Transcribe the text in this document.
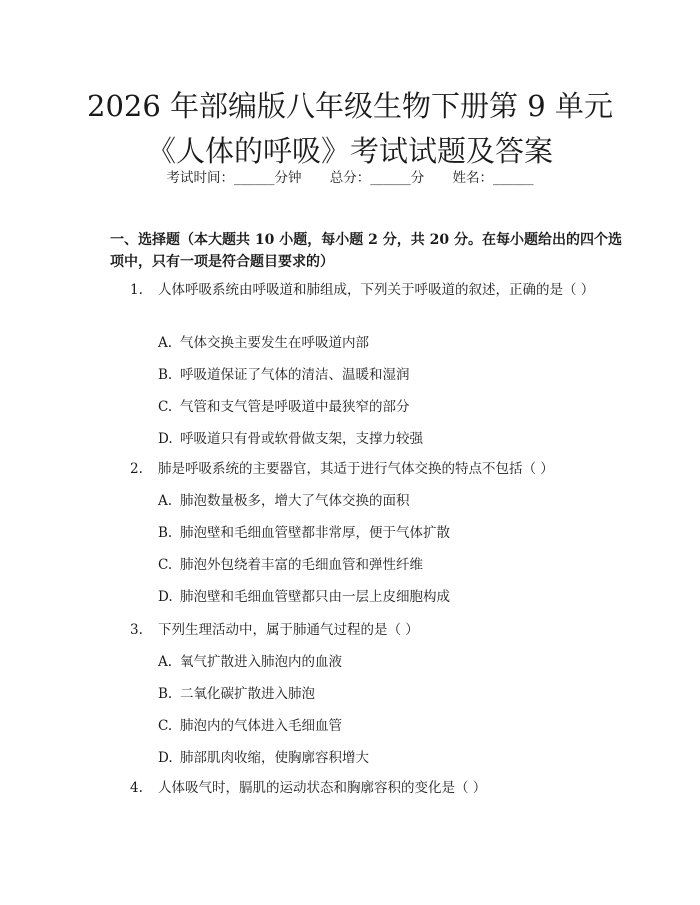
2026 年部编版八年级生物下册第 9 单元《人体的呼吸》考试试题及答案
考试时间：______分钟 总分：______分 姓名：______
一、选择题（本大题共 10 小题，每小题 2 分，共 20 分。在每小题给出的四个选项中，只有一项是符合题目要求的）
1. 人体呼吸系统由呼吸道和肺组成，下列关于呼吸道的叙述，正确的是（ ）
A. 气体交换主要发生在呼吸道内部
B. 呼吸道保证了气体的清洁、温暖和湿润
C. 气管和支气管是呼吸道中最狭窄的部分
D. 呼吸道只有骨或软骨做支架，支撑力较强
2. 肺是呼吸系统的主要器官，其适于进行气体交换的特点不包括（ ）
A. 肺泡数量极多，增大了气体交换的面积
B. 肺泡壁和毛细血管壁都非常厚，便于气体扩散
C. 肺泡外包绕着丰富的毛细血管和弹性纤维
D. 肺泡壁和毛细血管壁都只由一层上皮细胞构成
3. 下列生理活动中，属于肺通气过程的是（ ）
A. 氧气扩散进入肺泡内的血液
B. 二氧化碳扩散进入肺泡
C. 肺泡内的气体进入毛细血管
D. 肺部肌肉收缩，使胸廓容积增大
4. 人体吸气时，膈肌的运动状态和胸廓容积的变化是（ ）
